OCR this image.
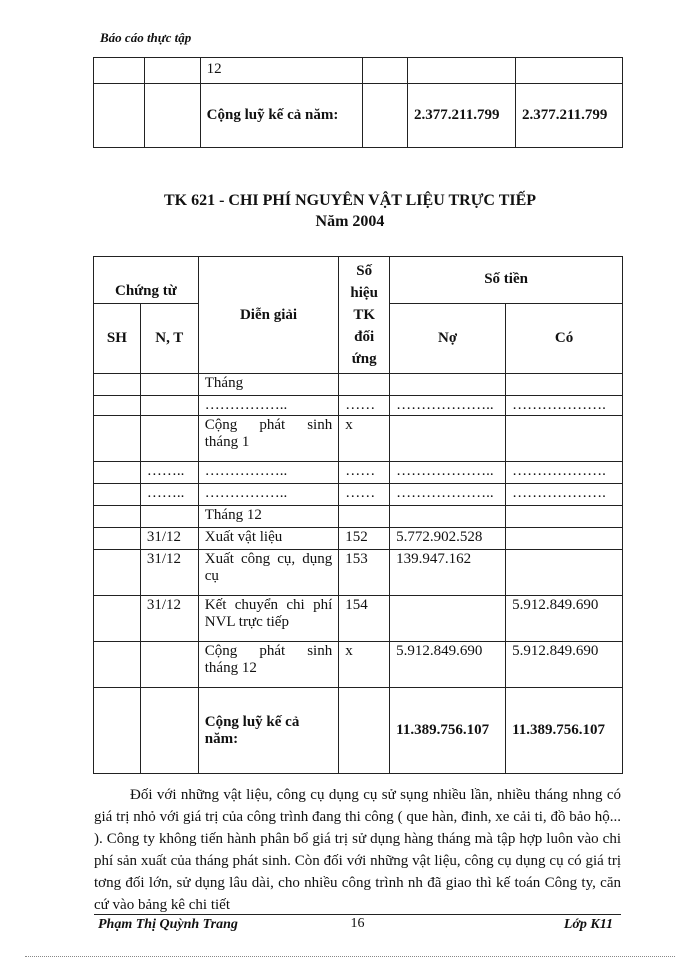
Báo cáo thực tập
		12			
		Cộng luỹ kế cả năm:		2.377.211.799	2.377.211.799
TK 621 - CHI PHÍ NGUYÊN VẬT LIỆU TRỰC TIẾP
Năm 2004
Chứng từ		Diễn giải	Số hiệu TK đối ứng	Số tiền	
SH	N, T			Nợ	Có
		Tháng			
		……………..	……	………………..	……………….
		Cộng phát sinh tháng 1	x		
	……..	……………..	……	………………..	……………….
	……..	……………..	……	………………..	……………….
		Tháng 12			
	31/12	Xuất vật liệu	152	5.772.902.528	
	31/12	Xuất công cụ, dụng cụ	153	139.947.162	
	31/12	Kết chuyển chi phí NVL trực tiếp	154		5.912.849.690
		Cộng phát sinh tháng 12	x	5.912.849.690	5.912.849.690
		Cộng luỹ kế cả năm:		11.389.756.107	11.389.756.107
Đối với những vật liệu, công cụ dụng cụ sử sụng nhiều lần, nhiều tháng nhng có giá trị nhỏ với giá trị của công trình đang thi công ( que hàn, đinh, xe cải ti, đồ bảo hộ... ). Công ty không tiến hành phân bổ giá trị sử dụng hàng tháng mà tập hợp luôn vào chi phí sản xuất của tháng phát sinh. Còn đối với những vật liệu, công cụ dụng cụ có giá trị tơng đối lớn, sử dụng lâu dài, cho nhiều công trình nh đã giao thì kế toán Công ty, căn cứ vào bảng kê chi tiết
Phạm Thị Quỳnh Trang	16	Lớp K11
